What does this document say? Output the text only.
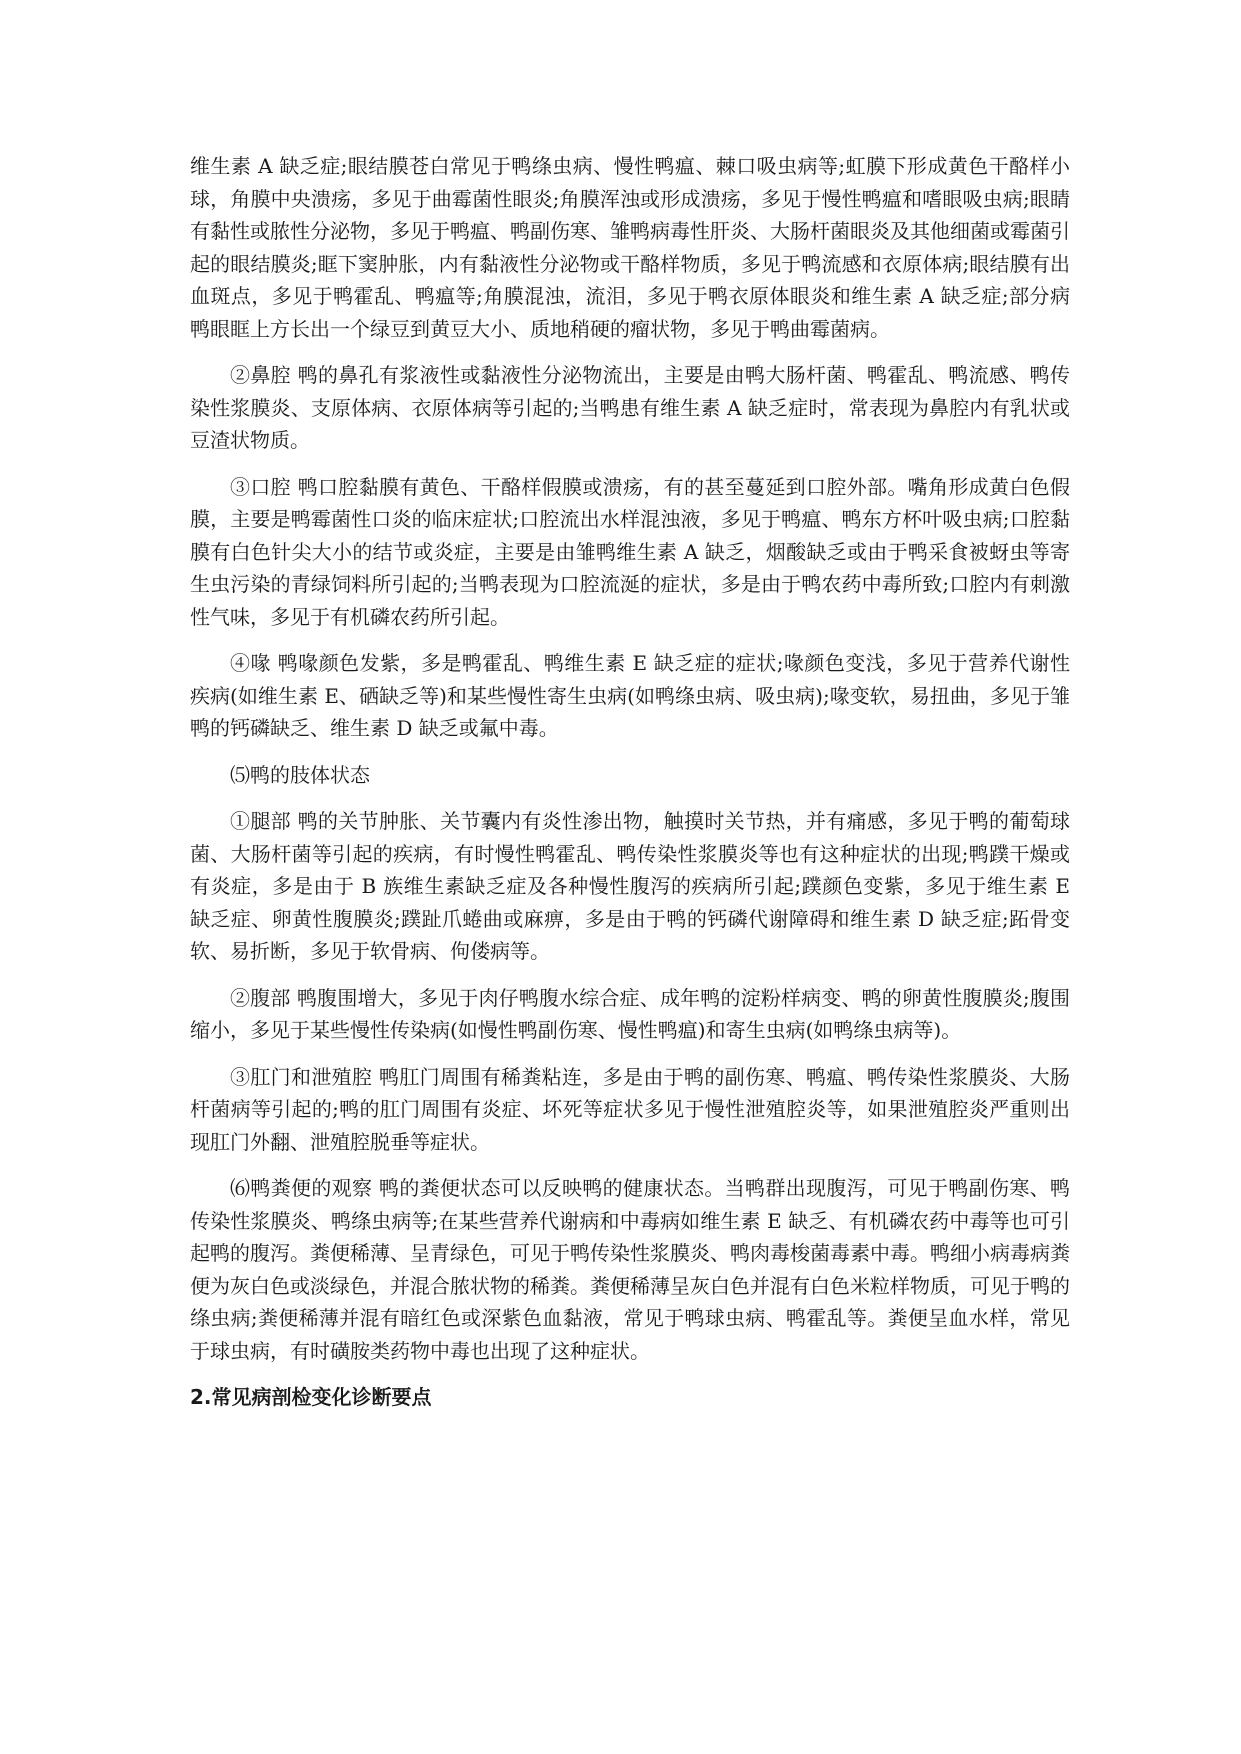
维生素 A 缺乏症;眼结膜苍白常见于鸭绦虫病、慢性鸭瘟、棘口吸虫病等;虹膜下形成黄色干酪样小球，角膜中央溃疡，多见于曲霉菌性眼炎;角膜浑浊或形成溃疡，多见于慢性鸭瘟和嗜眼吸虫病;眼睛有黏性或脓性分泌物，多见于鸭瘟、鸭副伤寒、雏鸭病毒性肝炎、大肠杆菌眼炎及其他细菌或霉菌引起的眼结膜炎;眶下窦肿胀，内有黏液性分泌物或干酪样物质，多见于鸭流感和衣原体病;眼结膜有出血斑点，多见于鸭霍乱、鸭瘟等;角膜混浊，流泪，多见于鸭衣原体眼炎和维生素 A 缺乏症;部分病鸭眼眶上方长出一个绿豆到黄豆大小、质地稍硬的瘤状物，多见于鸭曲霉菌病。

②鼻腔 鸭的鼻孔有浆液性或黏液性分泌物流出，主要是由鸭大肠杆菌、鸭霍乱、鸭流感、鸭传染性浆膜炎、支原体病、衣原体病等引起的;当鸭患有维生素 A 缺乏症时，常表现为鼻腔内有乳状或豆渣状物质。

③口腔 鸭口腔黏膜有黄色、干酪样假膜或溃疡，有的甚至蔓延到口腔外部。嘴角形成黄白色假膜，主要是鸭霉菌性口炎的临床症状;口腔流出水样混浊液，多见于鸭瘟、鸭东方杯叶吸虫病;口腔黏膜有白色针尖大小的结节或炎症，主要是由雏鸭维生素 A 缺乏，烟酸缺乏或由于鸭采食被蚜虫等寄生虫污染的青绿饲料所引起的;当鸭表现为口腔流涎的症状，多是由于鸭农药中毒所致;口腔内有刺激性气味，多见于有机磷农药所引起。

④喙 鸭喙颜色发紫，多是鸭霍乱、鸭维生素 E 缺乏症的症状;喙颜色变浅，多见于营养代谢性疾病(如维生素 E、硒缺乏等)和某些慢性寄生虫病(如鸭绦虫病、吸虫病);喙变软，易扭曲，多见于雏鸭的钙磷缺乏、维生素 D 缺乏或氟中毒。

⑸鸭的肢体状态

①腿部 鸭的关节肿胀、关节囊内有炎性渗出物，触摸时关节热，并有痛感，多见于鸭的葡萄球菌、大肠杆菌等引起的疾病，有时慢性鸭霍乱、鸭传染性浆膜炎等也有这种症状的出现;鸭蹼干燥或有炎症，多是由于 B 族维生素缺乏症及各种慢性腹泻的疾病所引起;蹼颜色变紫，多见于维生素 E 缺乏症、卵黄性腹膜炎;蹼趾爪蜷曲或麻痹，多是由于鸭的钙磷代谢障碍和维生素 D 缺乏症;跖骨变软、易折断，多见于软骨病、佝偻病等。

②腹部 鸭腹围增大，多见于肉仔鸭腹水综合症、成年鸭的淀粉样病变、鸭的卵黄性腹膜炎;腹围缩小，多见于某些慢性传染病(如慢性鸭副伤寒、慢性鸭瘟)和寄生虫病(如鸭绦虫病等)。

③肛门和泄殖腔 鸭肛门周围有稀粪粘连，多是由于鸭的副伤寒、鸭瘟、鸭传染性浆膜炎、大肠杆菌病等引起的;鸭的肛门周围有炎症、坏死等症状多见于慢性泄殖腔炎等，如果泄殖腔炎严重则出现肛门外翻、泄殖腔脱垂等症状。

⑹鸭粪便的观察 鸭的粪便状态可以反映鸭的健康状态。当鸭群出现腹泻，可见于鸭副伤寒、鸭传染性浆膜炎、鸭绦虫病等;在某些营养代谢病和中毒病如维生素 E 缺乏、有机磷农药中毒等也可引起鸭的腹泻。粪便稀薄、呈青绿色，可见于鸭传染性浆膜炎、鸭肉毒梭菌毒素中毒。鸭细小病毒病粪便为灰白色或淡绿色，并混合脓状物的稀粪。粪便稀薄呈灰白色并混有白色米粒样物质，可见于鸭的绦虫病;粪便稀薄并混有暗红色或深紫色血黏液，常见于鸭球虫病、鸭霍乱等。粪便呈血水样，常见于球虫病，有时磺胺类药物中毒也出现了这种症状。

2.常见病剖检变化诊断要点
